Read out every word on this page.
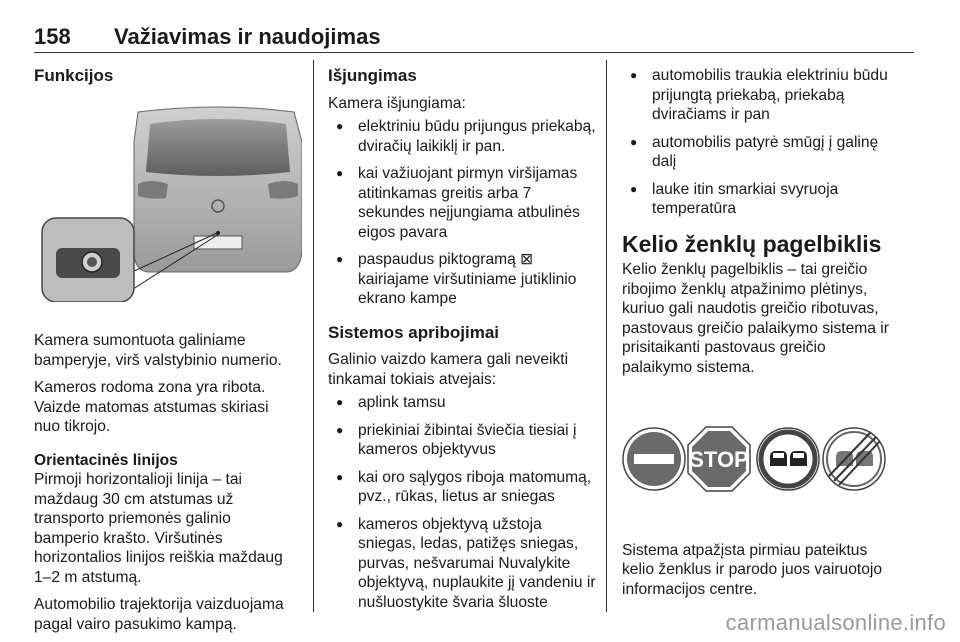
158 Važiavimas ir naudojimas
Funkcijos

Kamera sumontuota galiniame bamperyje, virš valstybinio numerio.

Kameros rodoma zona yra ribota. Vaizde matomas atstumas skiriasi nuo tikrojo.

Orientacinės linijos

Pirmoji horizontalioji linija – tai maždaug 30 cm atstumas už transporto priemonės galinio bamperio krašto. Viršutinės horizontalios linijos reiškia maždaug 1–2 m atstumą.

Automobilio trajektorija vaizduojama pagal vairo pasukimo kampą.

Išjungimas

Kamera išjungiama:

● elektriniu būdu prijungus priekabą, dviračių laikiklį ir pan.
● kai važiuojant pirmyn viršijamas atitinkamas greitis arba 7 sekundes neįjungiama atbulinės eigos pavara
● paspaudus piktogramą ⊠ kairiajame viršutiniame jutiklinio ekrano kampe
Sistemos apribojimai

Galinio vaizdo kamera gali neveikti tinkamai tokiais atvejais:

● aplink tamsu
● priekiniai žibintai šviečia tiesiai į kameros objektyvus
● kai oro sąlygos riboja matomumą, pvz., rūkas, lietus ar sniegas
● kameros objektyvą užstoja sniegas, ledas, patižęs sniegas, purvas, nešvarumai Nuvalykite objektyvą, nuplaukite jį vandeniu ir nušluostykite švaria šluoste
● automobilis traukia elektriniu būdu prijungtą priekabą, priekabą dviračiams ir pan
● automobilis patyrė smūgį į galinę dalį
● lauke itin smarkiai svyruoja temperatūra
Kelio ženklų pagelbiklis

Kelio ženklų pagelbiklis – tai greičio ribojimo ženklų atpažinimo plėtinys, kuriuo gali naudotis greičio ribotuvas, pastovaus greičio palaikymo sistema ir prisitaikanti pastovaus greičio palaikymo sistema.

STOP

Sistema atpažįsta pirmiau pateiktus kelio ženklus ir parodo juos vairuotojo informacijos centre.

carmanualsonline.info
